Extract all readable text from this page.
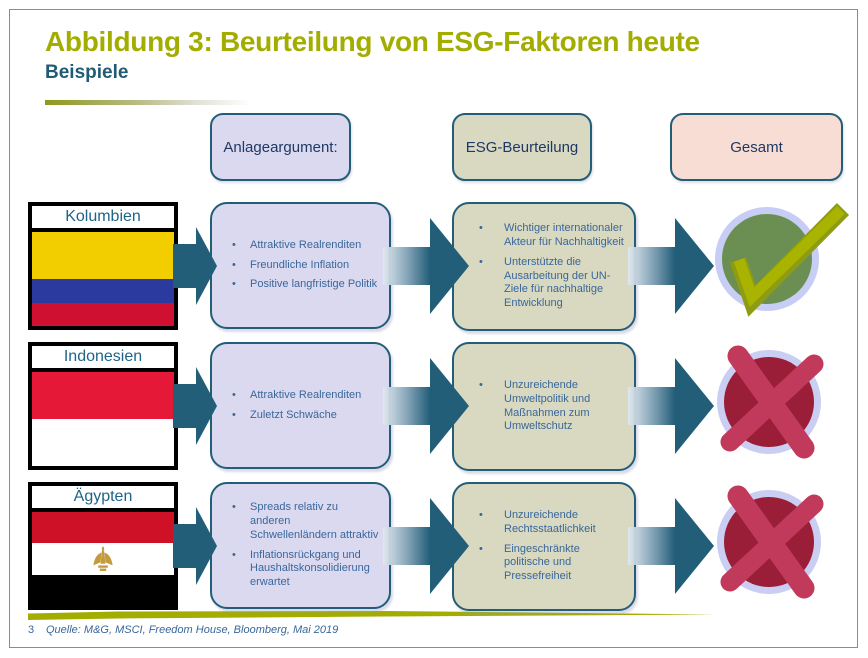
Abbildung 3: Beurteilung von ESG-Faktoren heute
Beispiele
Anlageargument:	ESG-Beurteilung	Gesamt
Kolumbien
• Attraktive Realrenditen
• Freundliche Inflation
• Positive langfristige Politik
• Wichtiger internationaler Akteur für Nachhaltigkeit
• Unterstützte die Ausarbeitung der UN-Ziele für nachhaltige Entwicklung
Indonesien
• Attraktive Realrenditen
• Zuletzt Schwäche
• Unzureichende Umweltpolitik und Maßnahmen zum Umweltschutz
Ägypten
• Spreads relativ zu anderen Schwellenländern attraktiv
• Inflationsrückgang und Haushaltskonsolidierung erwartet
• Unzureichende Rechtsstaatlichkeit
• Eingeschränkte politische und Pressefreiheit
3 Quelle: M&G, MSCI, Freedom House, Bloomberg, Mai 2019
